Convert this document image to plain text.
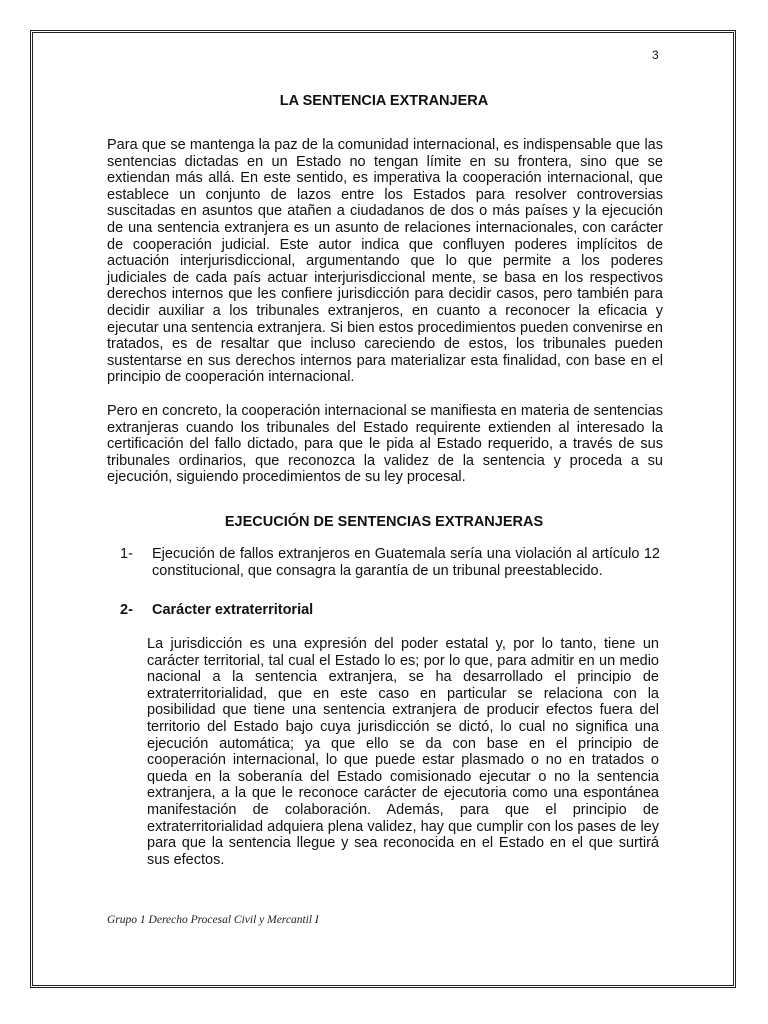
3
LA SENTENCIA EXTRANJERA

Para que se mantenga la paz de la comunidad internacional, es indispensable que las sentencias dictadas en un Estado no tengan límite en su frontera, sino que se extiendan más allá. En este sentido, es imperativa la cooperación internacional, que establece un conjunto de lazos entre los Estados para resolver controversias suscitadas en asuntos que atañen a ciudadanos de dos o más países y la ejecución de una sentencia extranjera es un asunto de relaciones internacionales, con carácter de cooperación judicial. Este autor indica que confluyen poderes implícitos de actuación interjurisdiccional, argumentando que lo que permite a los poderes judiciales de cada país actuar interjurisdiccional mente, se basa en los respectivos derechos internos que les confiere jurisdicción para decidir casos, pero también para decidir auxiliar a los tribunales extranjeros, en cuanto a reconocer la eficacia y ejecutar una sentencia extranjera. Si bien estos procedimientos pueden convenirse en tratados, es de resaltar que incluso careciendo de estos, los tribunales pueden sustentarse en sus derechos internos para materializar esta finalidad, con base en el principio de cooperación internacional.

Pero en concreto, la cooperación internacional se manifiesta en materia de sentencias extranjeras cuando los tribunales del Estado requirente extienden al interesado la certificación del fallo dictado, para que le pida al Estado requerido, a través de sus tribunales ordinarios, que reconozca la validez de la sentencia y proceda a su ejecución, siguiendo procedimientos de su ley procesal.

EJECUCIÓN DE SENTENCIAS EXTRANJERAS
1-	Ejecución de fallos extranjeros en Guatemala sería una violación al artículo 12 constitucional, que consagra la garantía de un tribunal preestablecido.
2-	Carácter extraterritorial

La jurisdicción es una expresión del poder estatal y, por lo tanto, tiene un carácter territorial, tal cual el Estado lo es; por lo que, para admitir en un medio nacional a la sentencia extranjera, se ha desarrollado el principio de extraterritorialidad, que en este caso en particular se relaciona con la posibilidad que tiene una sentencia extranjera de producir efectos fuera del territorio del Estado bajo cuya jurisdicción se dictó, lo cual no significa una ejecución automática; ya que ello se da con base en el principio de cooperación internacional, lo que puede estar plasmado o no en tratados o queda en la soberanía del Estado comisionado ejecutar o no la sentencia extranjera, a la que le reconoce carácter de ejecutoria como una espontánea manifestación de colaboración. Además, para que el principio de extraterritorialidad adquiera plena validez, hay que cumplir con los pases de ley para que la sentencia llegue y sea reconocida en el Estado en el que surtirá sus efectos.

Grupo 1 Derecho Procesal Civil y Mercantil I
